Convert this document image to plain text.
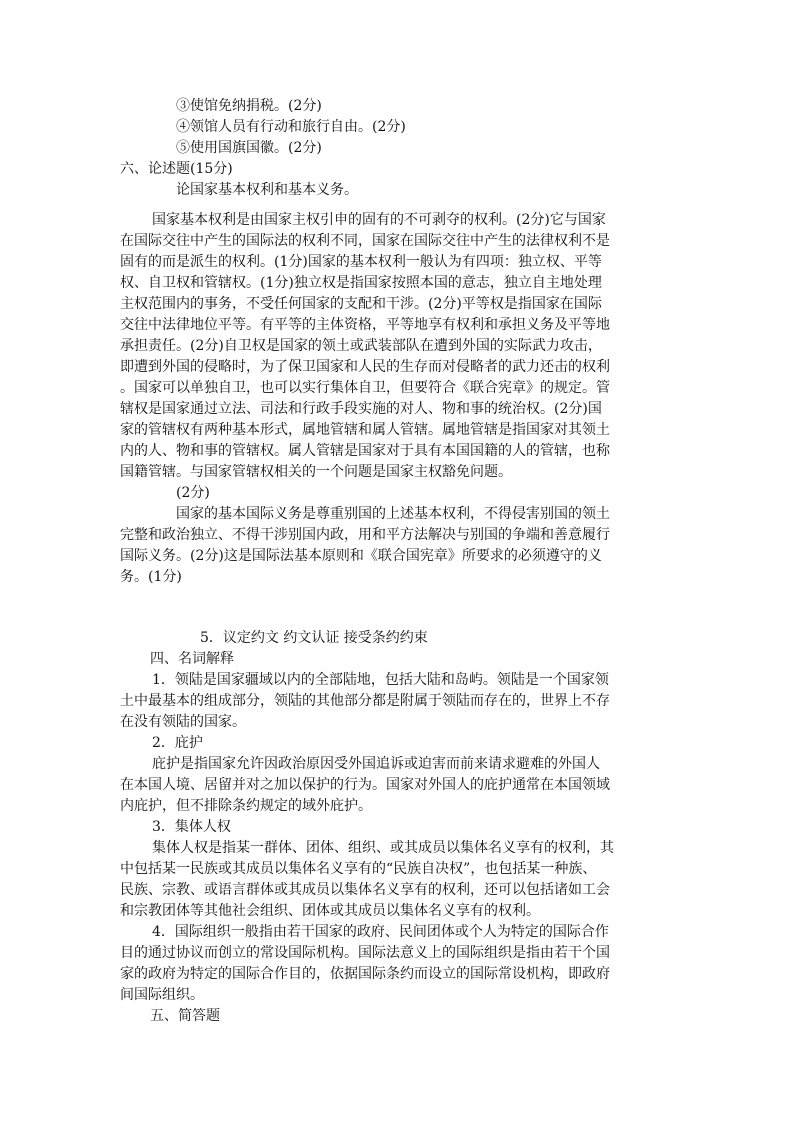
③使馆免纳捐税。(2分)
④领馆人员有行动和旅行自由。(2分)
⑤使用国旗国徽。(2分)
六、论述题(15分)
论国家基本权利和基本义务。
国家基本权利是由国家主权引申的固有的不可剥夺的权利。(2分)它与国家
在国际交往中产生的国际法的权利不同，国家在国际交往中产生的法律权利不是
固有的而是派生的权利。(1分)国家的基本权利一般认为有四项：独立权、平等
权、自卫权和管辖权。(1分)独立权是指国家按照本国的意志，独立自主地处理
主权范围内的事务，不受任何国家的支配和干涉。(2分)平等权是指国家在国际
交往中法律地位平等。有平等的主体资格，平等地享有权利和承担义务及平等地
承担责任。(2分)自卫权是国家的领土或武装部队在遭到外国的实际武力攻击，
即遭到外国的侵略时，为了保卫国家和人民的生存而对侵略者的武力还击的权利
。国家可以单独自卫，也可以实行集体自卫，但要符合《联合宪章》的规定。管
辖权是国家通过立法、司法和行政手段实施的对人、物和事的统治权。(2分)国
家的管辖权有两种基本形式，属地管辖和属人管辖。属地管辖是指国家对其领土
内的人、物和事的管辖权。属人管辖是国家对于具有本国国籍的人的管辖，也称
国籍管辖。与国家管辖权相关的一个问题是国家主权豁免问题。
(2分)
国家的基本国际义务是尊重别国的上述基本权利，不得侵害别国的领土
完整和政治独立、不得干涉别国内政，用和平方法解决与别国的争端和善意履行
国际义务。(2分)这是国际法基本原则和《联合国宪章》所要求的必须遵守的义
务。(1分)
5．议定约文 约文认证 接受条约约束
四、名词解释
1．领陆是国家疆域以内的全部陆地，包括大陆和岛屿。领陆是一个国家领
土中最基本的组成部分，领陆的其他部分都是附属于领陆而存在的，世界上不存
在没有领陆的国家。
2．庇护
庇护是指国家允许因政治原因受外国追诉或迫害而前来请求避难的外国人
在本国人境、居留并对之加以保护的行为。国家对外国人的庇护通常在本国领域
内庇护，但不排除条约规定的域外庇护。
3．集体人权
集体人权是指某一群体、团体、组织、或其成员以集体名义享有的权利，其
中包括某一民族或其成员以集体名义享有的“民族自决权”，也包括某一种族、
民族、宗教、或语言群体或其成员以集体名义享有的权利，还可以包括诸如工会
和宗教团体等其他社会组织、团体或其成员以集体名义享有的权利。
4．国际组织一般指由若干国家的政府、民间团体或个人为特定的国际合作
目的通过协议而创立的常设国际机构。国际法意义上的国际组织是指由若干个国
家的政府为特定的国际合作目的，依据国际条约而设立的国际常设机构，即政府
间国际组织。
五、简答题
